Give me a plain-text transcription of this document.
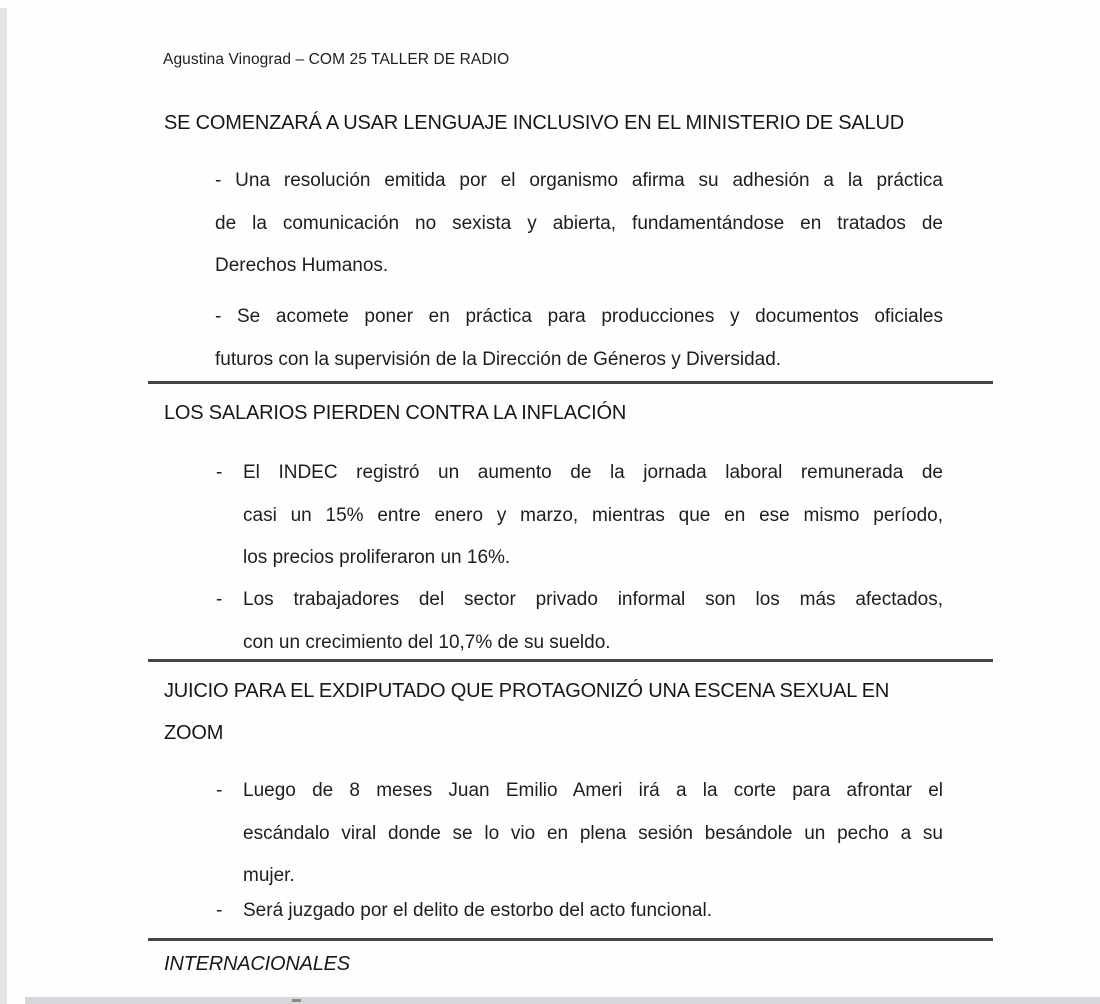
Agustina Vinograd – COM 25 TALLER DE RADIO
SE COMENZARÁ A USAR LENGUAJE INCLUSIVO EN EL MINISTERIO DE SALUD
- Una resolución emitida por el organismo afirma su adhesión a la práctica
de la comunicación no sexista y abierta, fundamentándose en tratados de
Derechos Humanos.
- Se acomete poner en práctica para producciones y documentos oficiales
futuros con la supervisión de la Dirección de Géneros y Diversidad.
LOS SALARIOS PIERDEN CONTRA LA INFLACIÓN
-	El INDEC registró un aumento de la jornada laboral remunerada de
casi un 15% entre enero y marzo, mientras que en ese mismo período,
los precios proliferaron un 16%.
-	Los trabajadores del sector privado informal son los más afectados,
con un crecimiento del 10,7% de su sueldo.
JUICIO PARA EL EXDIPUTADO QUE PROTAGONIZÓ UNA ESCENA SEXUAL EN
ZOOM
-	Luego de 8 meses Juan Emilio Ameri irá a la corte para afrontar el
escándalo viral donde se lo vio en plena sesión besándole un pecho a su
mujer.
-	Será juzgado por el delito de estorbo del acto funcional.
INTERNACIONALES
